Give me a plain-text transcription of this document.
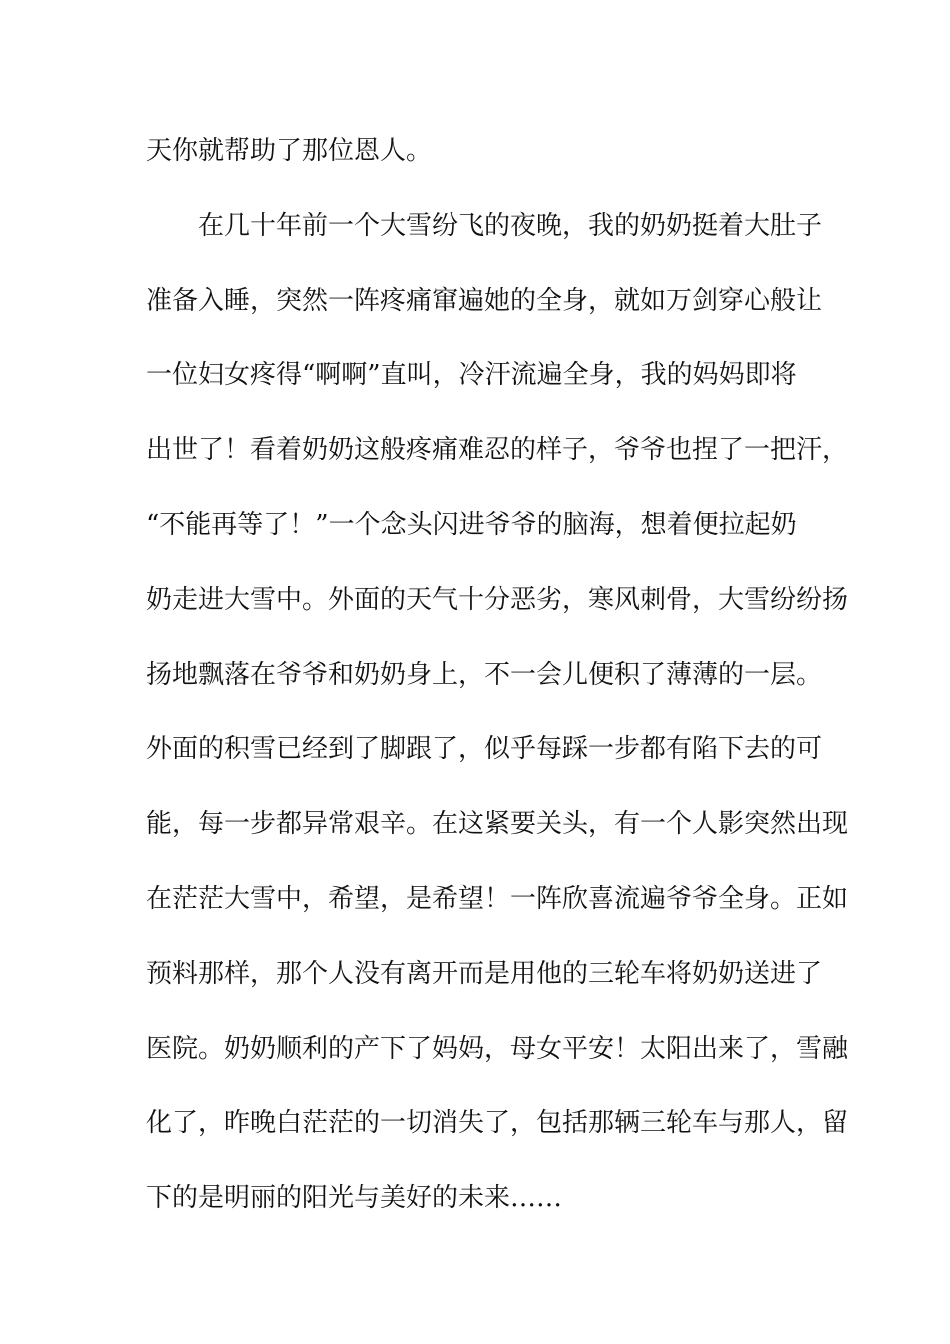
天你就帮助了那位恩人。
在几十年前一个大雪纷飞的夜晚，我的奶奶挺着大肚子
准备入睡，突然一阵疼痛窜遍她的全身，就如万剑穿心般让
一位妇女疼得“啊啊”直叫，冷汗流遍全身，我的妈妈即将
出世了！看着奶奶这般疼痛难忍的样子，爷爷也捏了一把汗，
“不能再等了！”一个念头闪进爷爷的脑海，想着便拉起奶
奶走进大雪中。外面的天气十分恶劣，寒风刺骨，大雪纷纷扬
扬地飘落在爷爷和奶奶身上，不一会儿便积了薄薄的一层。
外面的积雪已经到了脚跟了，似乎每踩一步都有陷下去的可
能，每一步都异常艰辛。在这紧要关头，有一个人影突然出现
在茫茫大雪中，希望，是希望！一阵欣喜流遍爷爷全身。正如
预料那样，那个人没有离开而是用他的三轮车将奶奶送进了
医院。奶奶顺利的产下了妈妈，母女平安！太阳出来了，雪融
化了，昨晚白茫茫的一切消失了，包括那辆三轮车与那人，留
下的是明丽的阳光与美好的未来……
